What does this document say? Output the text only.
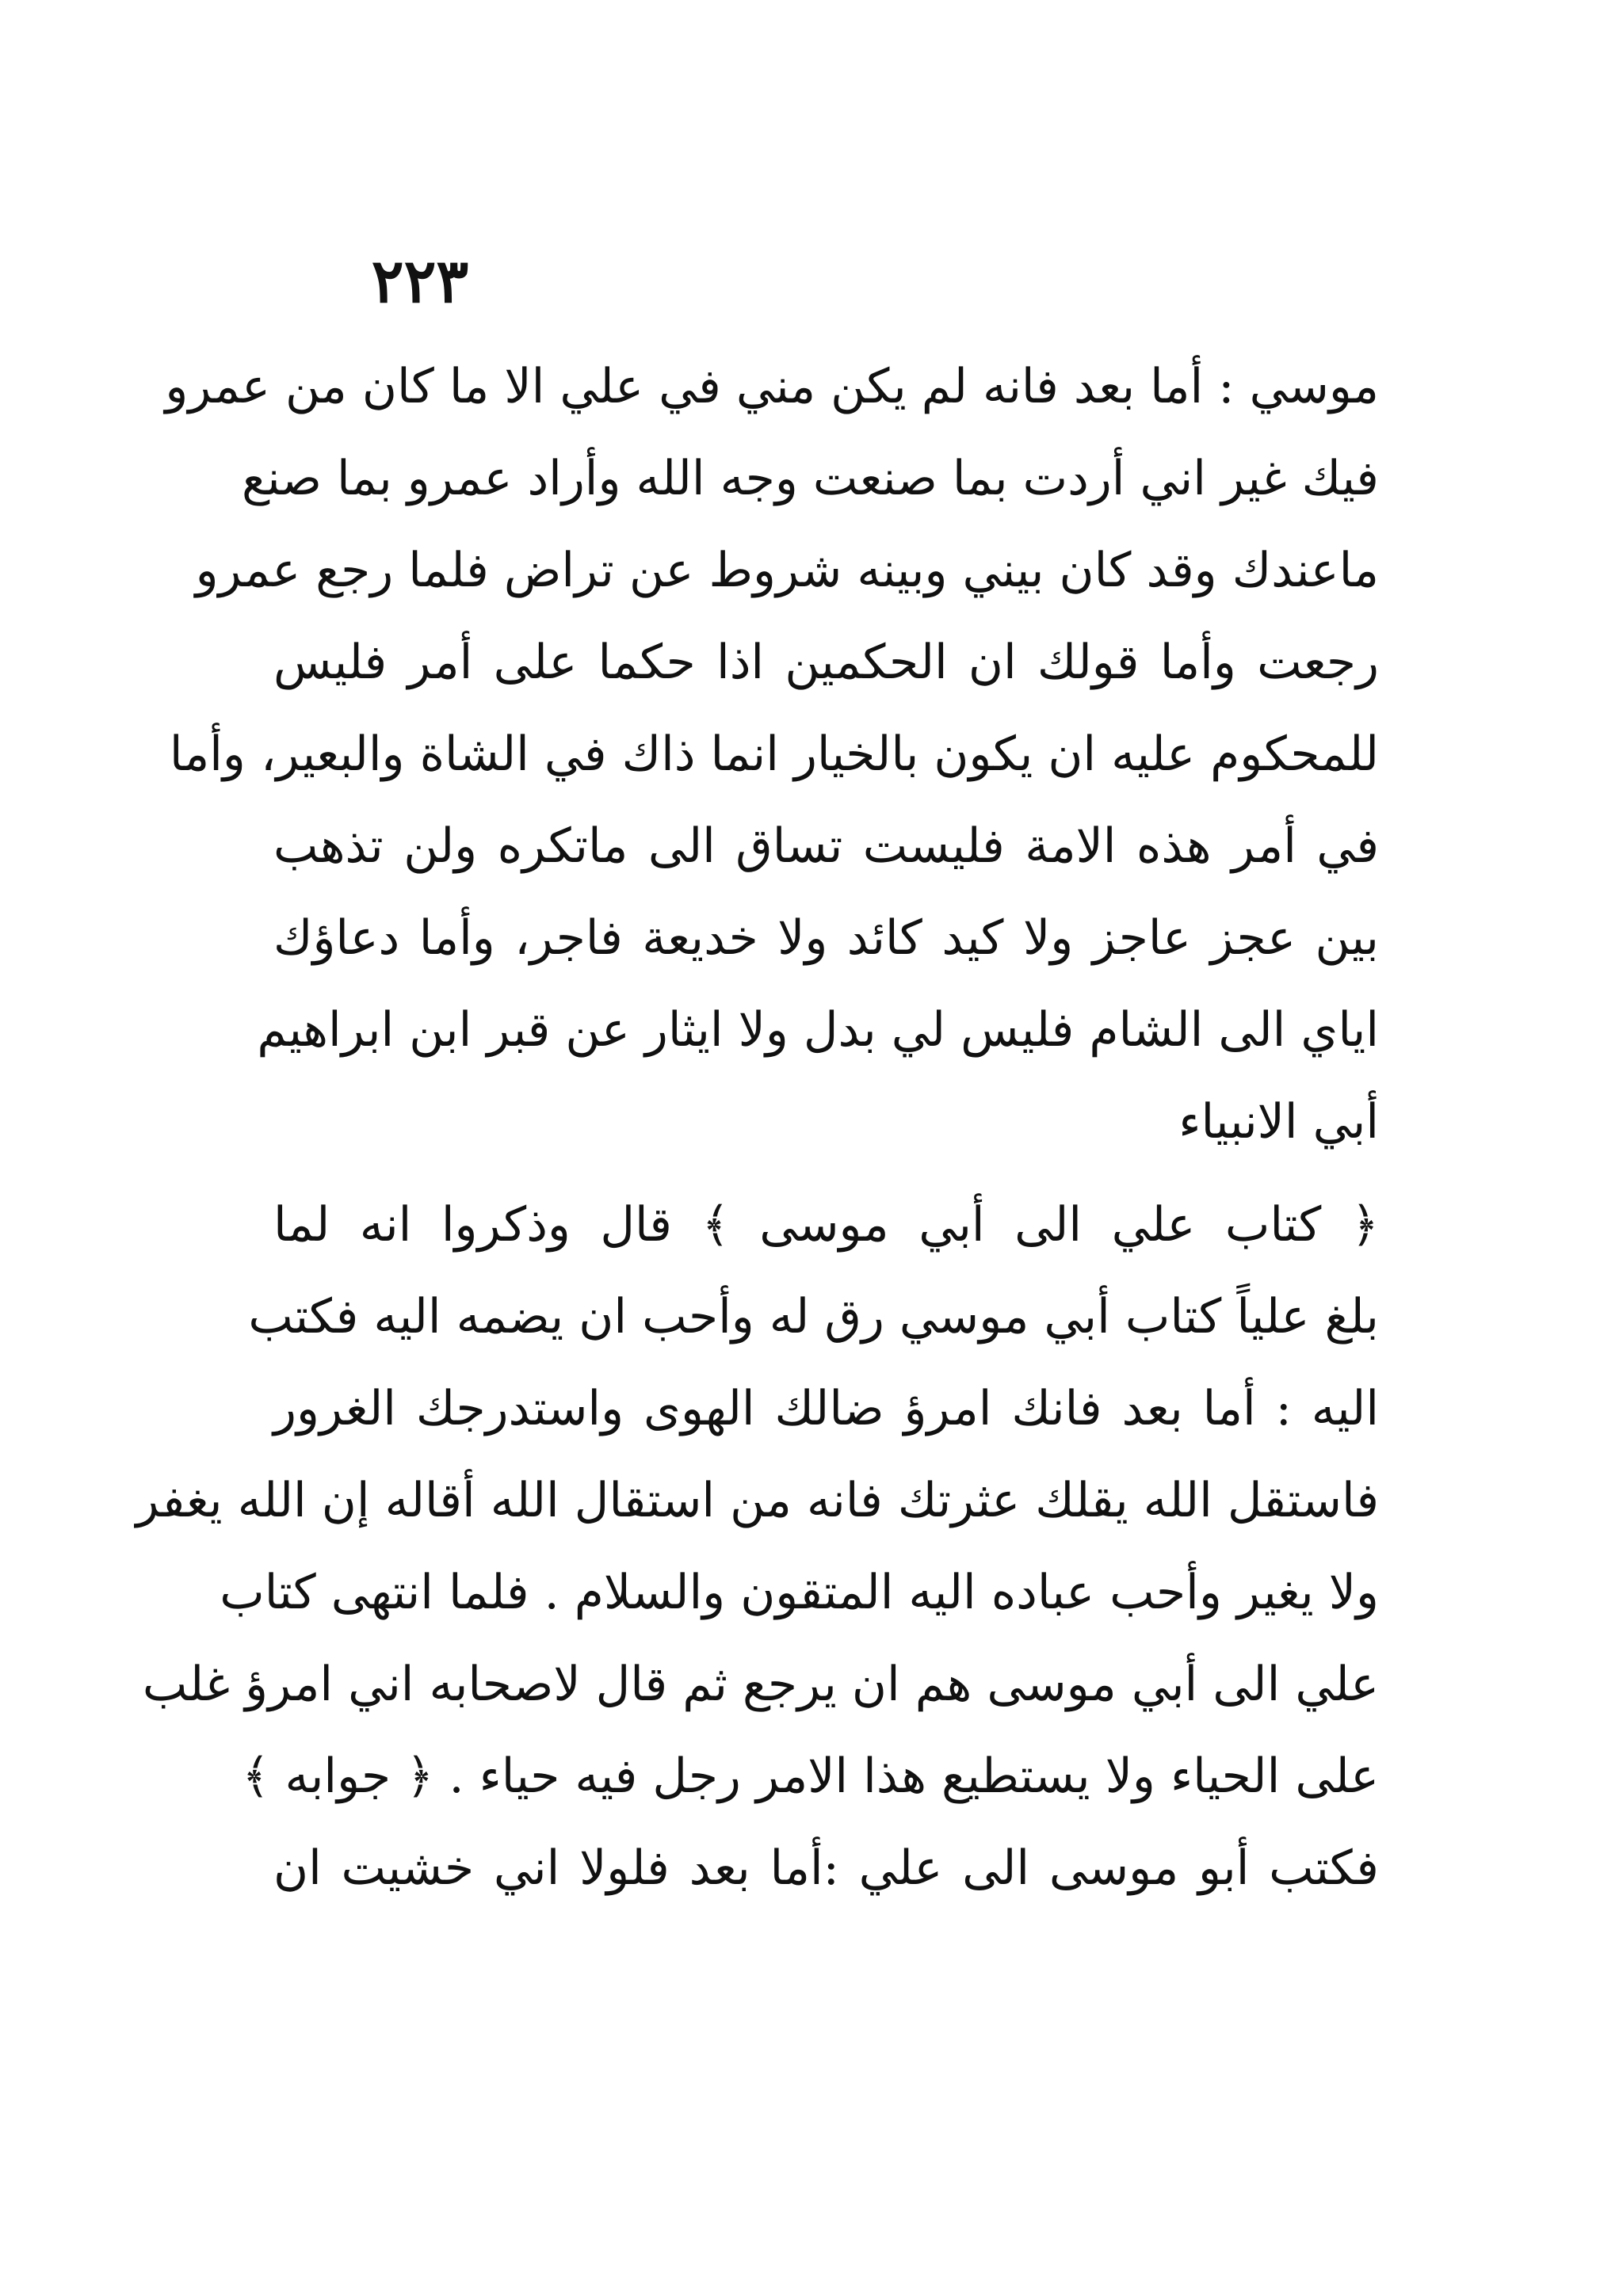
٢٢٣
موسي : أما بعد فانه لم يكن مني في علي الا ما كان من عمرو
فيك غير اني أردت بما صنعت وجه الله وأراد عمرو بما صنع
ماعندك وقد كان بيني وبينه شروط عن تراض فلما رجع عمرو
رجعت وأما قولك ان الحكمين اذا حكما على أمر فليس
للمحكوم عليه ان يكون بالخيار انما ذاك في الشاة والبعير، وأما
في أمر هذه الامة فليست تساق الى ماتكره ولن تذهب
بين عجز عاجز ولا كيد كائد ولا خديعة فاجر، وأما دعاؤك
اياي الى الشام فليس لي بدل ولا ايثار عن قبر ابن ابراهيم
أبي الانبياء
﴿ كتاب علي الى أبي موسى ﴾ قال وذكروا انه لما
بلغ علياً كتاب أبي موسي رق له وأحب ان يضمه اليه فكتب
اليه : أما بعد فانك امرؤ ضالك الهوى واستدرجك الغرور
فاستقل الله يقلك عثرتك فانه من استقال الله أقاله إن الله يغفر
ولا يغير وأحب عباده اليه المتقون والسلام . فلما انتهى كتاب
علي الى أبي موسى هم ان يرجع ثم قال لاصحابه اني امرؤ غلب
على الحياء ولا يستطيع هذا الامر رجل فيه حياء . ﴿ جوابه ﴾
فكتب أبو موسى الى علي :أما بعد فلولا اني خشيت ان
